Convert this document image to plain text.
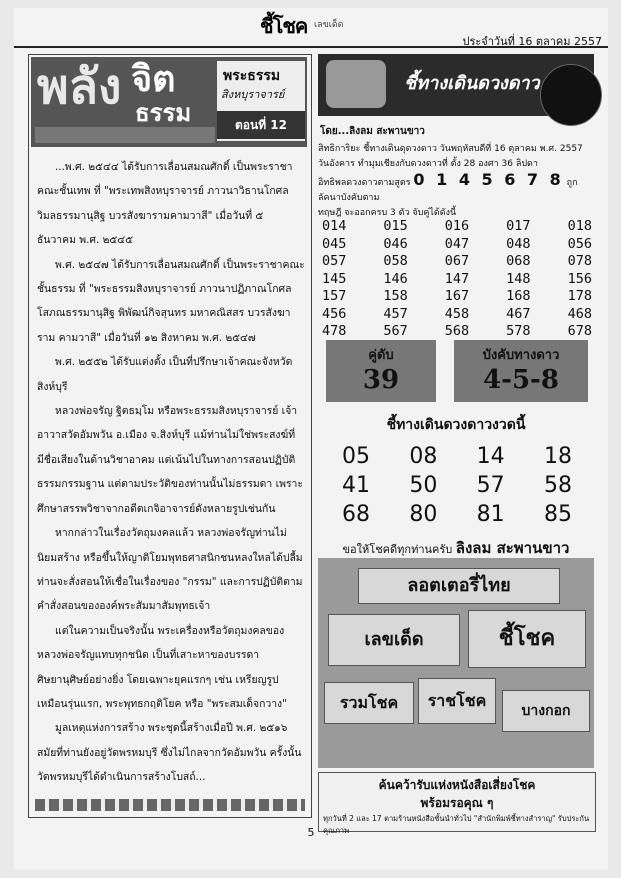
ชี้โชค เลขเด็ด
ประจำวันที่ 16 ตุลาคม 2557
พลัง จิต
ธรรม
พระธรรม
สิงหบุราจารย์
ตอนที่ 12

...พ.ศ. ๒๕๔๔ ได้รับการเลื่อนสมณศักดิ์ เป็นพระราชาคณะชั้นเทพ ที่ "พระเทพสิงหบุราจารย์ ภาวนาวิธานโกศล วิมลธรรมานุสิฐ บวรสังฆารามคามวาสี" เมื่อวันที่ ๕ ธันวาคม พ.ศ. ๒๕๔๕

พ.ศ. ๒๕๔๗ ได้รับการเลื่อนสมณศักดิ์ เป็นพระราชาคณะชั้นธรรม ที่ "พระธรรมสิงหบุราจารย์ ภาวนาปฏิภาณโกศล โสภณธรรมานุสิฐ พิพัฒน์กิจสุนทร มหาคณิสสร บวรสังฆาราม คามวาสี" เมื่อวันที่ ๑๒ สิงหาคม พ.ศ. ๒๕๔๗

พ.ศ. ๒๕๕๒ ได้รับแต่งตั้ง เป็นที่ปรึกษาเจ้าคณะจังหวัดสิงห์บุรี

หลวงพ่อจรัญ ฐิตธมฺโม หรือพระธรรมสิงหบุราจารย์ เจ้าอาวาสวัดอัมพวัน อ.เมือง จ.สิงห์บุรี แม้ท่านไม่ใช่พระสงฆ์ที่มีชื่อเสียงในด้านวิชาอาคม แต่เน้นไปในทางการสอนปฏิบัติธรรมกรรมฐาน แต่ตามประวัติของท่านนั้นไม่ธรรมดา เพราะศึกษาสรรพวิชาจากอดีตเกจิอาจารย์ดังหลายรูปเช่นกัน

หากกล่าวในเรื่องวัตถุมงคลแล้ว หลวงพ่อจรัญท่านไม่นิยมสร้าง หรือขึ้นให้ญาติโยมพุทธศาสนิกชนหลงใหลได้ปลื้ม ท่านจะสั่งสอนให้เชื่อในเรื่องของ "กรรม" และการปฏิบัติตามคำสั่งสอนขององค์พระสัมมาสัมพุทธเจ้า

แต่ในความเป็นจริงนั้น พระเครื่องหรือวัตถุมงคลของหลวงพ่อจรัญแทบทุกชนิด เป็นที่เสาะหาของบรรดาศิษยานุศิษย์อย่างยิ่ง โดยเฉพาะยุคแรกๆ เช่น เหรียญรูปเหมือนรุ่นแรก, พระพุทธกฤติโยค หรือ "พระสมเด็จกวาง"

มูลเหตุแห่งการสร้าง พระชุดนี้สร้างเมื่อปี พ.ศ. ๒๕๑๖ สมัยที่ท่านยังอยู่วัดพรหมบุรี ซึ่งไม่ไกลจากวัดอัมพวัน ครั้งนั้นวัดพรหมบุรีได้ดำเนินการสร้างโบสถ์...

ชี้ทางเดินดวงดาว
โดย...ลิงลม สะพานขาว
สิทธิการิยะ ชี้ทางเดินดุดวงดาว วันพฤหัสบดีที่ 16 ตุลาคม พ.ศ. 2557
วันอังคาร ทำมุมเชียงกับดวงดาวที่ ตั้ง 28 องศา 36 ลิปดา
อิทธิพลดวงดาวตามสูตร 0 1 4 5 6 7 8 ถูกลัคนาบังคับตาม
ทฤษฎี จะออกครบ 3 ตัว จับคู่ได้ดังนี้
014	015	016	017	018
045	046	047	048	056
057	058	067	068	078
145	146	147	148	156
157	158	167	168	178
456	457	458	467	468
478	567	568	578	678
คู่ดับ
39
บังคับทางดาว
4-5-8
ชี้ทางเดินดวงดาวงวดนี้
05 08 14 18
41 50 57 58
68 80 81 85
ขอให้โชคดีทุกท่านครับ ลิงลม สะพานขาว
ลอตเตอรี่ไทย
เลขเด็ด	ชี้โชค
รวมโชค	ราชโชค
บางกอก
ค้นคว้ารับแห่งหนังสือเสี่ยงโชค
พร้อมรอคุณ ๆ
ทุกวันที่ 2 และ 17 ตามร้านหนังสือชั้นนำทั่วไป "สำนักพิมพ์ชี้ทางสำราญ" รับประกันคุณภาพ
5
